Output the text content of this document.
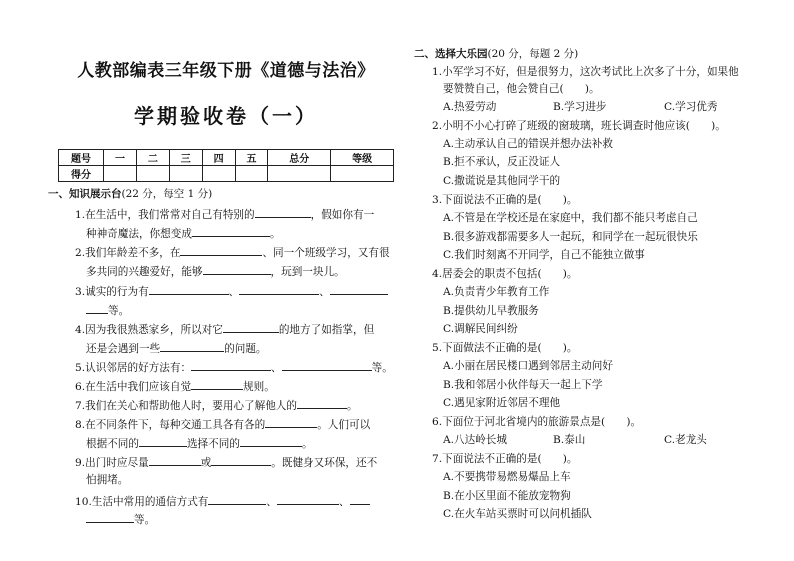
人教部编表三年级下册《道德与法治》
学期验收卷（一）
题号	一	二	三	四	五	总分	等级
得分							
一、知识展示台(22 分，每空 1 分)
1.在生活中，我们常常对自己有特别的	，假如你有一
种神奇魔法，你想变成	。
2.我们年龄差不多，在	、同一个班级学习，又有很
多共同的兴趣爱好，能够	，玩到一块儿。
3.诚实的行为有	、	、
等。
4.因为我很熟悉家乡，所以对它	的地方了如指掌，但
还是会遇到一些	的问题。
5.认识邻居的好方法有：	、	等。
6.在生活中我们应该自觉	规则。
7.我们在关心和帮助他人时，要用心了解他人的	。
8.在不同条件下，每种交通工具各有各的	。人们可以
根据不同的	选择不同的	。
9.出门时应尽量	或	。既健身又环保，还不
怕拥堵。
10.生活中常用的通信方式有	、	、
等。
二、选择大乐园(20 分，每题 2 分)
1.小军学习不好，但是很努力，这次考试比上次多了十分，如果他
要赞赞自己，他会赞自己(　　)。
A.热爱劳动	B.学习进步	C.学习优秀
2.小明不小心打碎了班级的窗玻璃，班长调查时他应该(　　)。
A.主动承认自己的错误并想办法补救
B.拒不承认，反正没证人
C.撒谎说是其他同学干的
3.下面说法不正确的是(　　)。
A.不管是在学校还是在家庭中，我们都不能只考虑自己
B.很多游戏都需要多人一起玩，和同学在一起玩很快乐
C.我们时刻离不开同学，自己不能独立做事
4.居委会的职责不包括(　　)。
A.负责青少年教育工作
B.提供幼儿早教服务
C.调解民间纠纷
5.下面做法不正确的是(　　)。
A.小丽在居民楼口遇到邻居主动问好
B.我和邻居小伙伴每天一起上下学
C.遇见家附近邻居不理他
6.下面位于河北省境内的旅游景点是(　　)。
A.八达岭长城	B.泰山	C.老龙头
7.下面说法不正确的是(　　)。
A.不要携带易燃易爆品上车
B.在小区里面不能放宠物狗
C.在火车站买票时可以问机插队
